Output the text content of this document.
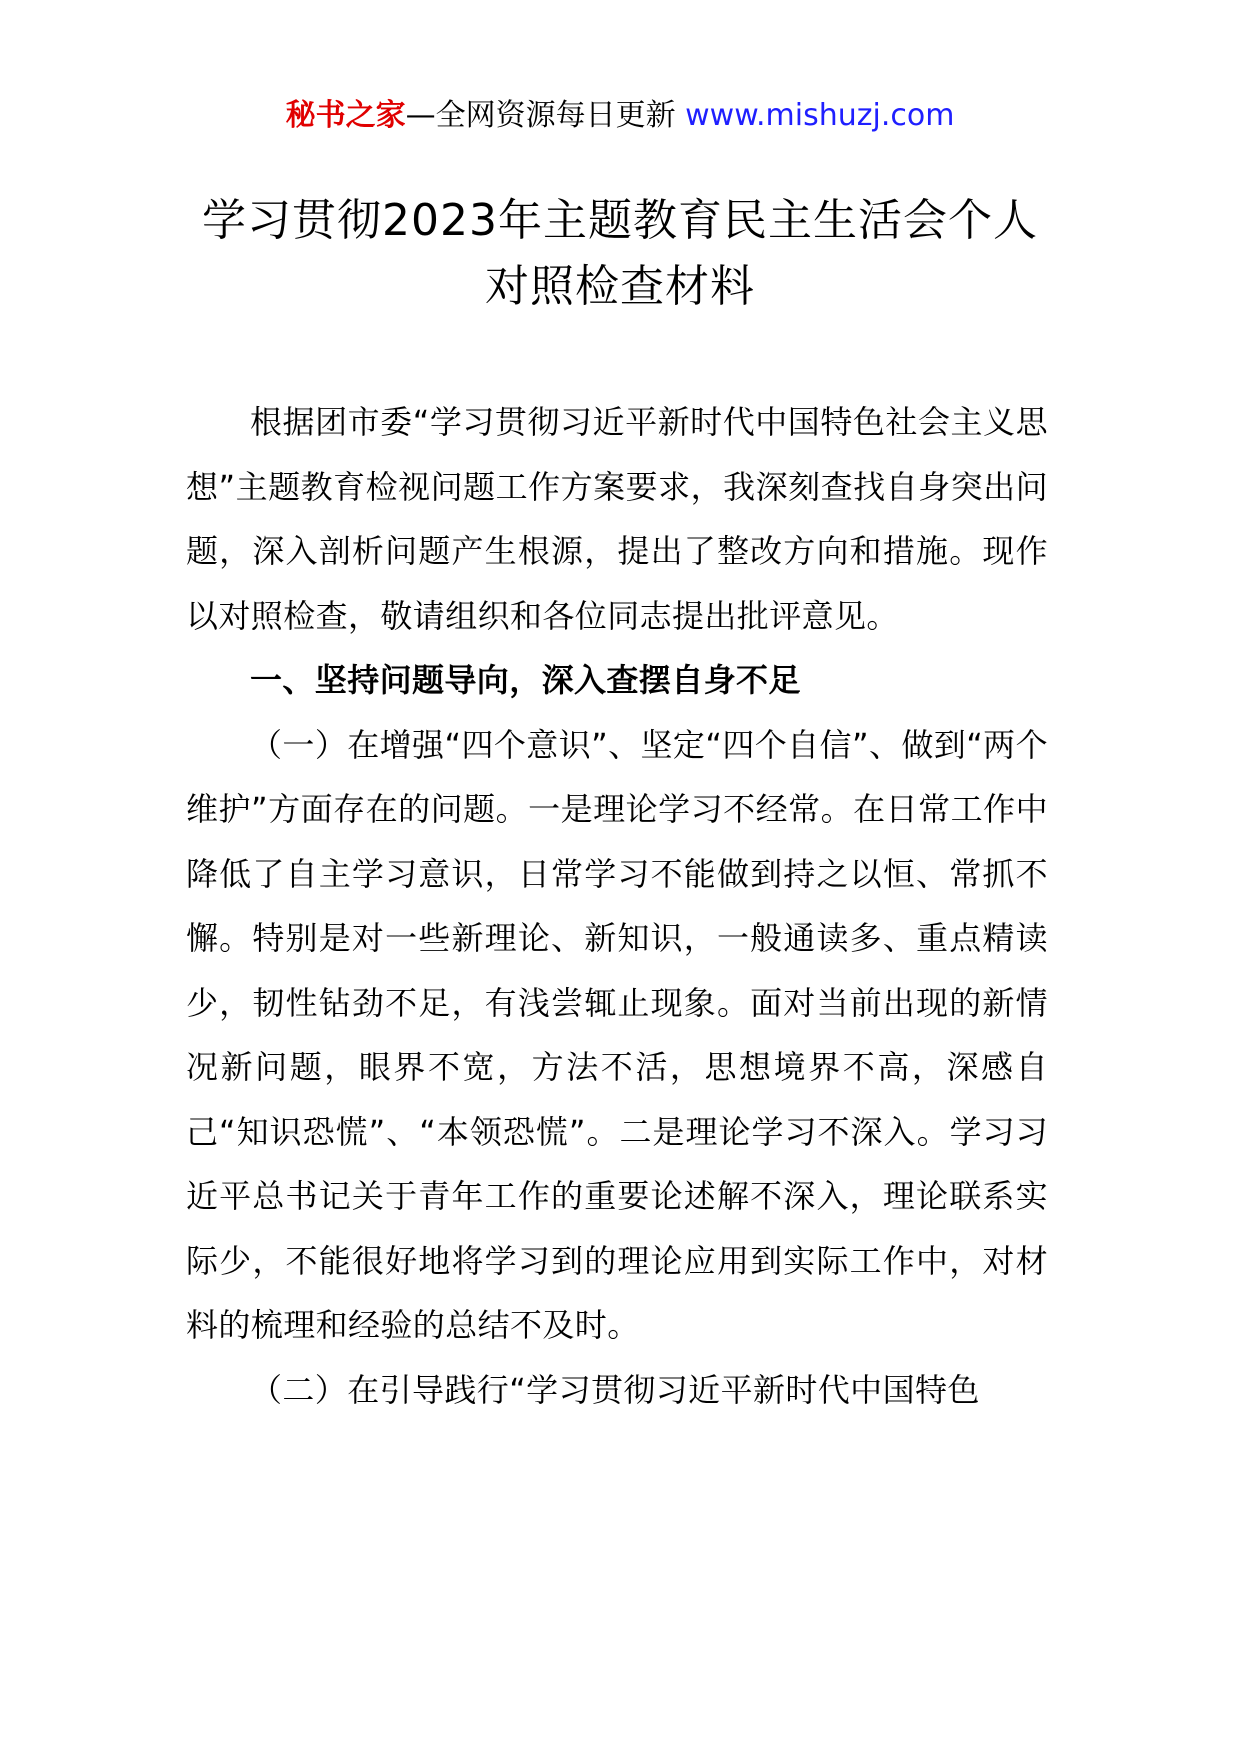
秘书之家—全网资源每日更新 www.mishuzj.com
学习贯彻2023年主题教育民主生活会个人
对照检查材料

根据团市委“学习贯彻习近平新时代中国特色社会主义思想”主题教育检视问题工作方案要求，我深刻查找自身突出问题，深入剖析问题产生根源，提出了整改方向和措施。现作以对照检查，敬请组织和各位同志提出批评意见。

一、坚持问题导向，深入查摆自身不足

（一）在增强“四个意识”、坚定“四个自信”、做到“两个维护”方面存在的问题。一是理论学习不经常。在日常工作中降低了自主学习意识，日常学习不能做到持之以恒、常抓不懈。特别是对一些新理论、新知识，一般通读多、重点精读少，韧性钻劲不足，有浅尝辄止现象。面对当前出现的新情况新问题，眼界不宽，方法不活，思想境界不高，深感自己“知识恐慌”、“本领恐慌”。二是理论学习不深入。学习习近平总书记关于青年工作的重要论述解不深入，理论联系实际少，不能很好地将学习到的理论应用到实际工作中，对材料的梳理和经验的总结不及时。

（二）在引导践行“学习贯彻习近平新时代中国特色
